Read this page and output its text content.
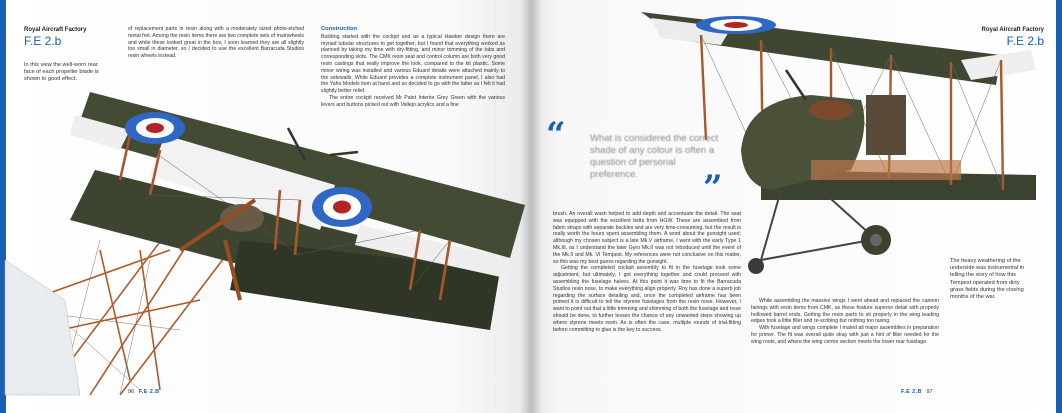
Royal Aircraft Factory
F.E 2.b
In this view the well-worn rear face of each propeller blade is shown to good effect.
of replacement parts in resin along with a moderately sized photo-etched metal fret. Among the resin items there are two complete sets of mainwheels and while these looked great in the box, I soon learned they are all slightly too small in diameter, so I decided to use the excellent Barracuda Studios resin wheels instead.
Construction
Building started with the cockpit and as a typical Hawker design there are myriad tubular structures to get together, but I found that everything worked as planned by taking my time with dry-fitting, and minor trimming of the tabs and corresponding slots. The CMK resin seat and control column are both very good resin castings that really improve the look, compared to the kit plastic. Some minor wiring was installed and various Eduard details were attached mainly to the sidewalls. While Eduard provides a complete instrument panel, I also had the Yahu Models item at hand and so decided to go with the latter as I felt it had slightly better relief.
The entire cockpit received Mr Paint Interior Grey Green with the various levers and buttons picked out with Vallejo acrylics and a fine
96 F.E 2.B
Royal Aircraft Factory
F.E 2.b
“	What is considered the correct shade of any colour is often a question of personal preference.	”
brush. An overall wash helped to add depth and accentuate the detail. The seat was equipped with the excellent belts from HGW. These are assembled from fabric straps with separate buckles and are very time-consuming, but the result is really worth the hours spent assembling them. A word about the gunsight used; although my chosen subject is a late Mk.V airframe, I went with the early Type 1 Mk.III, as I understand the later Gyro Mk.II was not introduced until the event of the Mk.II and Mk. VI Tempest. My references were not conclusive on this matter, so this was my best guess regarding the gunsight.
Getting the completed cockpit assembly to fit in the fuselage took some adjustment, but ultimately, I got everything together and could proceed with assembling the fuselage halves. At this point it was time to fit the Barracuda Studios resin nose, to make everything align properly. Roy has done a superb job regarding the surface detailing and, once the completed airframe has been primed it is difficult to tell the styrene fuselages from the resin nose. However, I want to point out that a little trimming and shimming of both the fuselage and nose should be done, to further lessen the chance of any unwanted steps showing up where styrene meets resin. As is often the case, multiple rounds of trial-fitting before committing to glue is the key to success.
While assembling the massive wings I went ahead and replaced the cannon fairings with resin items from CMK, as these feature superior detail with properly hollowed barrel ends. Getting the resin parts to sit properly in the wing leading edges took a little filler and re-scribing but nothing too taxing.
With fuselage and wings complete I mated all major assemblies in preparation for primer. The fit was overall quite okay with just a hint of filler needed for the wing roots, and where the wing centre section meets the lower rear fuselage.
The heavy weathering of the underside was instrumental in telling the story of how this Tempest operated from dirty grass fields during the closing months of the war.
F.E 2.B 97
